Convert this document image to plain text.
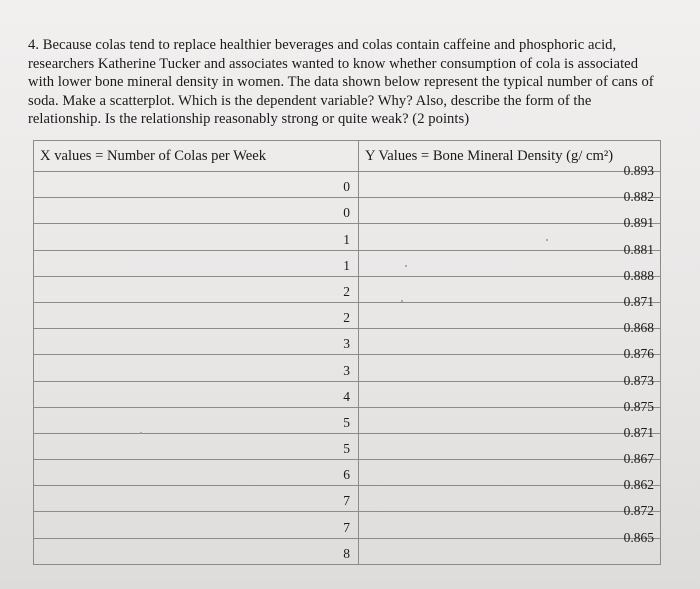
4. Because colas tend to replace healthier beverages and colas contain caffeine and phosphoric acid,
researchers Katherine Tucker and associates wanted to know whether consumption of cola is associated
with lower bone mineral density in women. The data shown below represent the typical number of cans of
soda. Make a scatterplot. Which is the dependent variable? Why? Also, describe the form of the
relationship. Is the relationship reasonably strong or quite weak? (2 points)
X values = Number of Colas per Week	Y Values = Bone Mineral Density (g/ cm²)

0	0.893

0	0.882

1	0.891

1	0.881

2	0.888

2	0.871

3	0.868

3	0.876

4	0.873

5	0.875

5	0.871

6	0.867

7	0.862

7	0.872

8	0.865
